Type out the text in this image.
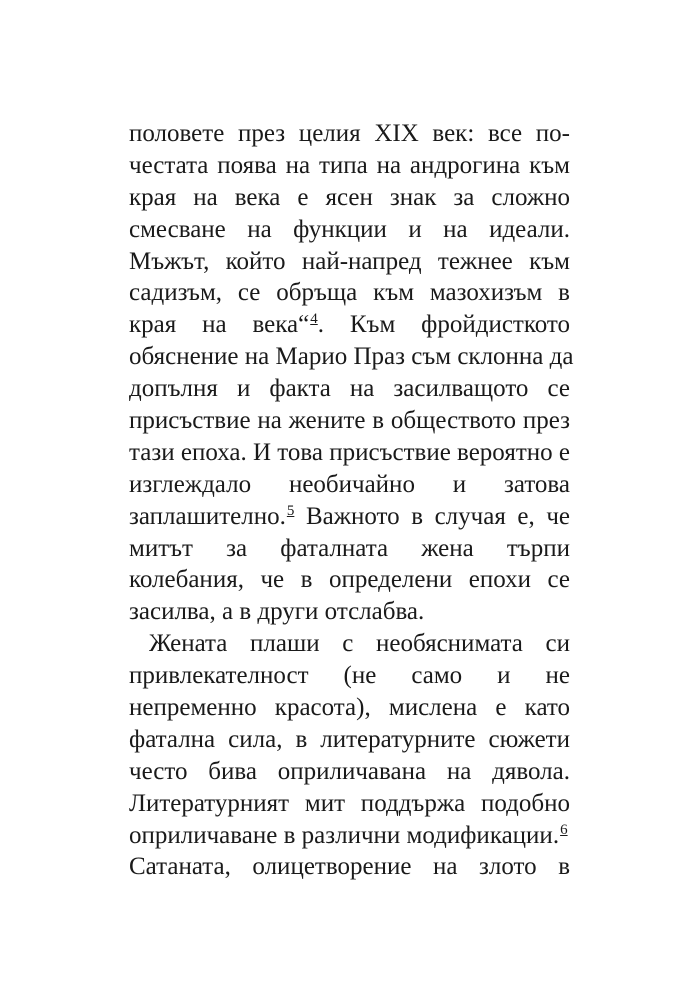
половете през целия XIX век: все по-
честата поява на типа на андрогина към
края на века е ясен знак за сложно
смесване на функции и на идеали.
Мъжът, който най-напред тежнее към
садизъм, се обръща към мазохизъм в
края на века“$^4$. Към фройдисткото
обяснение на Марио Праз съм склонна да
допълня и факта на засилващото се
присъствие на жените в обществото през
тази епоха. И това присъствие вероятно е
изглеждало необичайно и затова
заплашително.$^5$ Важното в случая е, че
митът за фаталната жена търпи
колебания, че в определени епохи се
засилва, а в други отслабва.
Жената плаши с необяснимата си
привлекателност (не само и не
непременно красота), мислена е като
фатална сила, в литературните сюжети
често бива оприличавана на дявола.
Литературният мит поддържа подобно
оприличаване в различни модификации.$^6$
Сатаната, олицетворение на злото в
